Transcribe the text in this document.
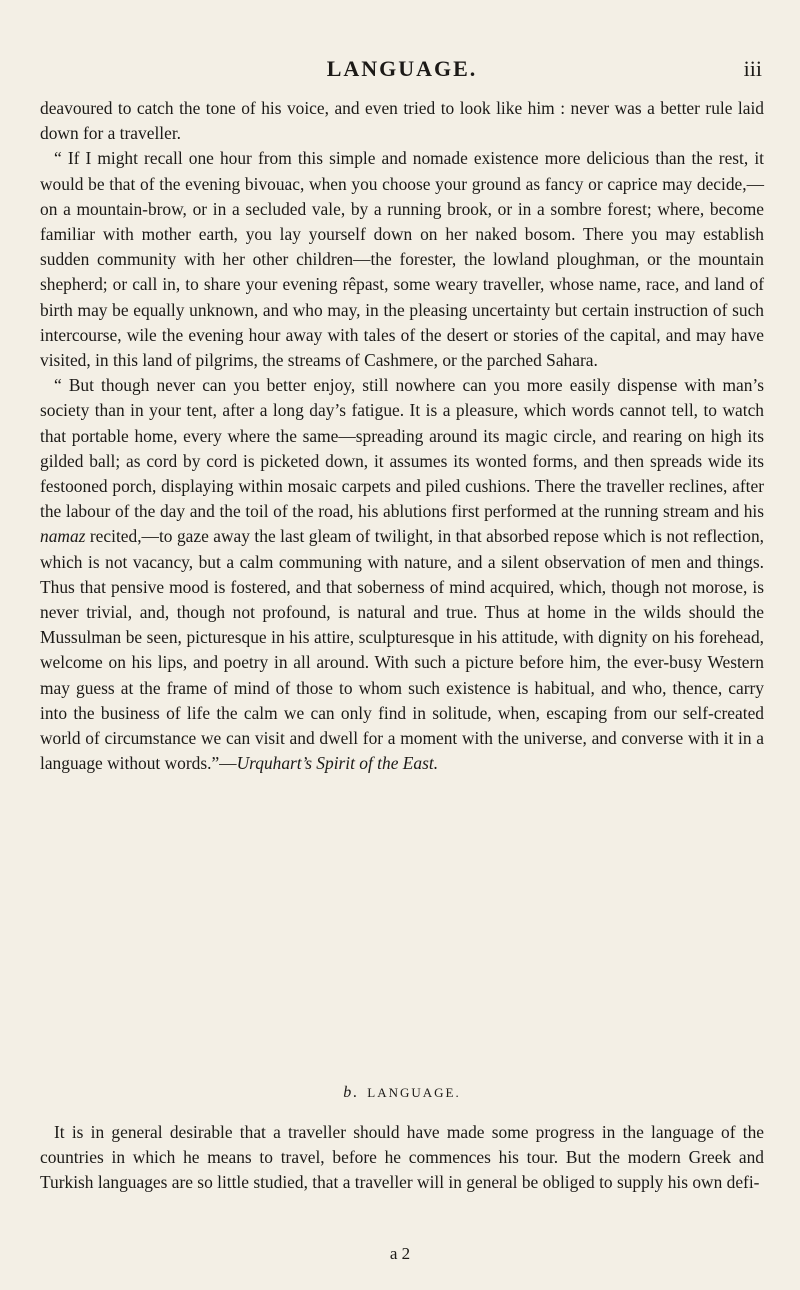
LANGUAGE.	iii

deavoured to catch the tone of his voice, and even tried to look like him : never was a better rule laid down for a traveller.

“ If I might recall one hour from this simple and nomade existence more delicious than the rest, it would be that of the evening bivouac, when you choose your ground as fancy or caprice may decide,—on a mountain-brow, or in a secluded vale, by a running brook, or in a sombre forest; where, become familiar with mother earth, you lay yourself down on her naked bosom. There you may establish sudden community with her other children—the forester, the lowland ploughman, or the mountain shepherd; or call in, to share your evening rêpast, some weary traveller, whose name, race, and land of birth may be equally unknown, and who may, in the pleasing uncertainty but certain instruction of such intercourse, wile the evening hour away with tales of the desert or stories of the capital, and may have visited, in this land of pilgrims, the streams of Cashmere, or the parched Sahara.

“ But though never can you better enjoy, still nowhere can you more easily dispense with man’s society than in your tent, after a long day’s fatigue. It is a pleasure, which words cannot tell, to watch that portable home, every where the same—spreading around its magic circle, and rearing on high its gilded ball; as cord by cord is picketed down, it assumes its wonted forms, and then spreads wide its festooned porch, displaying within mosaic carpets and piled cushions. There the traveller reclines, after the labour of the day and the toil of the road, his ablutions first performed at the running stream and his namaz recited,—to gaze away the last gleam of twilight, in that absorbed repose which is not reflection, which is not vacancy, but a calm communing with nature, and a silent observation of men and things. Thus that pensive mood is fostered, and that soberness of mind acquired, which, though not morose, is never trivial, and, though not profound, is natural and true. Thus at home in the wilds should the Mussulman be seen, picturesque in his attire, sculpturesque in his attitude, with dignity on his forehead, welcome on his lips, and poetry in all around. With such a picture before him, the ever-busy Western may guess at the frame of mind of those to whom such existence is habitual, and who, thence, carry into the business of life the calm we can only find in solitude, when, escaping from our self-created world of circumstance we can visit and dwell for a moment with the universe, and converse with it in a language without words.”—Urquhart’s Spirit of the East.

b. LANGUAGE.

It is in general desirable that a traveller should have made some progress in the language of the countries in which he means to travel, before he commences his tour. But the modern Greek and Turkish languages are so little studied, that a traveller will in general be obliged to supply his own defi-

a 2
